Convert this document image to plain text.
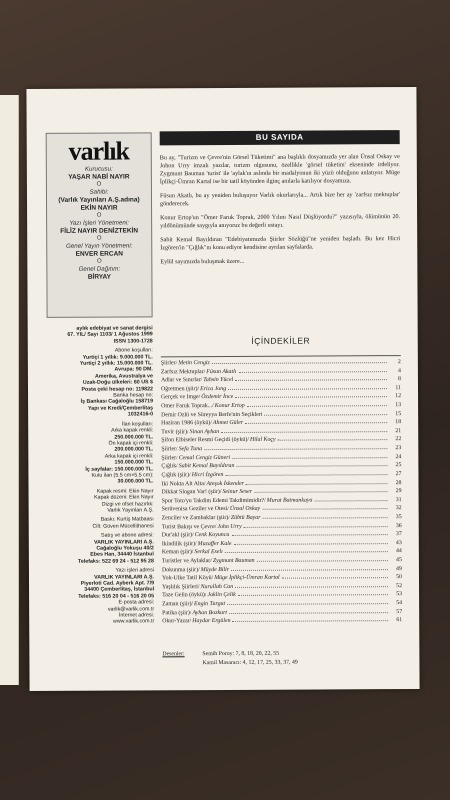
varlık
Kurucusu:
YAŞAR NABİ NAYIR
O
Sahibi:
(Varlık Yayınları A.Ş.adına)
EKİN NAYIR
O
Yazı İşleri Yönetmeni:
FİLİZ NAYIR DENİZTEKİN
O
Genel Yayın Yönetmeni:
ENVER ERCAN
O
Genel Dağıtım:
BİRYAY
aylık edebiyat ve sanat dergisi
67. YIL/ Sayı 1103/ 1 Ağustos 1999
ISSN 1300-1728
Abone koşulları:
Yurtiçi 1 yıllık: 9.000.000 TL.
Yurtiçi 2 yıllık: 15.000.000 TL.
Avrupa: 90 DM.
Amerika, Avustralya ve
Uzak-Doğu ülkeleri: 60 US $
Posta çeki hesap no: 119822
Banka hesap no:
İş Bankası Cağaloğlu 158719
Yapı ve Kredi/Çemberlitaş
1032416-0
İlan koşulları:
Arka kapak renkli:
250.000.000 TL.
Ön kapak içi renkli:
200.000.000 TL.
Arka kapak içi renkli:
150.000.000 TL.
İç sayfalar: 150.000.000 TL.
Kutu ilan (5.5 cm×5.5 cm):
30.000.000 TL.
Kapak resmi: Ekin Nayır
Kapak düzeni: Ekin Nayır
Dizgi ve ofset hazırlık:
Varlık Yayınları A.Ş.
Baskı: Kurtiş Matbaası
Cilt: Güven Mücellithanesi
Satış ve abone adresi:
VARLIK YAYINLARI A.Ş.
Cağaloğlu Yokuşu 40/2
Ebes Han, 34440 İstanbul
Telefaks: 522 69 24 - 512 95 28
Yazı işleri adresi
VARLIK YAYINLARI A.Ş.
Piyerloti Cad. Ayberk Apt. 7/9
34400 Çemberlitaş, İstanbul
Telefaks: 516 20 04 - 516 20 05
E-posta adresi:
varlik@varlik.com.tr
İnternet adresi:
www.varlik.com.tr
BU SAYIDA

Bu ay, "Turizm ve Çevre'nin Görsel Tüketimi" ana başlıklı dosyamızda yer alan Ünsal Oskay ve Johon Urry imzalı yazılar, turizm olgusunu, özellikle 'görsel tüketim' ekseninde irdeliyor. Zygmunt Bauman 'turist' ile 'aylak'ın aslında bir madalyonun iki yüzü olduğunu anlatıyor. Müge İplikçi-Ümran Kartal ise bir tatil köyünden ilginç anılarla katılıyor dosyamıza.

Füsun Akatlı, bu ay yeniden buluşuyor Varlık okurlarıyla... Artık bize her ay 'zarfsız mektuplar' gönderecek.

Konur Ertop'un "Ömer Faruk Toprak, 2000 Yılını Nasıl Düşlüyordu?" yazısıyla, ölümünün 20. yıldönümünde saygıyla anıyoruz bu değerli ustayı.

Sabit Kemal Bayıldıran "Edebiyatımızda Şiirler Sözlüğü"ne yeniden başladı. Bu kez Hicri İzgören'in "Çığlık"nı konu ediyor kendisine ayrılan sayfalarda.

Eylül sayımızda buluşmak üzere...

İÇİNDEKİLER
Şiirler/ Metin Cengiz	2
Zarfsız Mektuplar/ Füsun Akatlı	4
Adlar ve Sınırlar/ Tahsin Yücel	8
Öğretmen (şiir)/ Erica Jong	11
Gerçek ve İmge/ Özdemir İnce	12
Ömer Faruk Toprak.../ Konur Ertop	13
Demir Özlü ve Süreyya Berfe'nin Seçikleri	15
Haziran 1986 (öykü)/ Ahmet Güler	18
Tuvir (şiir)/ Sinan Ayhan	21
Şifon Elbiseler Resmi Geçidi (öykü)/ Hilal Koçy	22
Şiirler/ Sefa Tuna	23
Şiirler/ Cemal Cengiz Güneri	24
Çığlık/ Sabit Kemal Bayıldıran	25
Çığlık (şiir)/ Hicri İzgören	27
İki Nokta Alt Alta/ Ateşok İskender	28
Dikkat Slogan Var! (şiir)/ Seinur Seser	29
Spor Toto'yu Takdim Edemi Takdimimidir?/ Murat Batmankaya	31
Serüvenisa Geziler ve Ötesi/ Ünsal Oskay	32
Zenciler ve Zambaklar (şiir)/ Zübtü Bayar	35
Turist Bakışı ve Çevre/ John Urry	36
Dur'akl (şiir)/ Cenk Koyuncu	37
İkindilik (şiir)/ Muzaffer Kale	43
Keman (şiir)/ Serkal Eselı	44
Turistler ve Aylaklar/ Zygmunt Bauman	45
Dokunma (şiir)/ Müyde Bilir	49
Yok-Ülke Tatil Köyü/ Müge İplikçi-Ümran Kartal	50
Yaşlılık Şiirleri/ Nurullah Can	52
Taze Gelin (öykü)/ Jaklin Çelik	53
Zaman (şiir)/ Engin Turgut	54
Patika (şiir)/ Ayhan Bozkurt	57
Okur-Yazar/ Haydar Ergülen	61
Desenler:	Semih Poroy: 7, 8, 18, 20, 22, 55
Kamil Masaracı: 4, 12, 17, 25, 33, 37, 49
